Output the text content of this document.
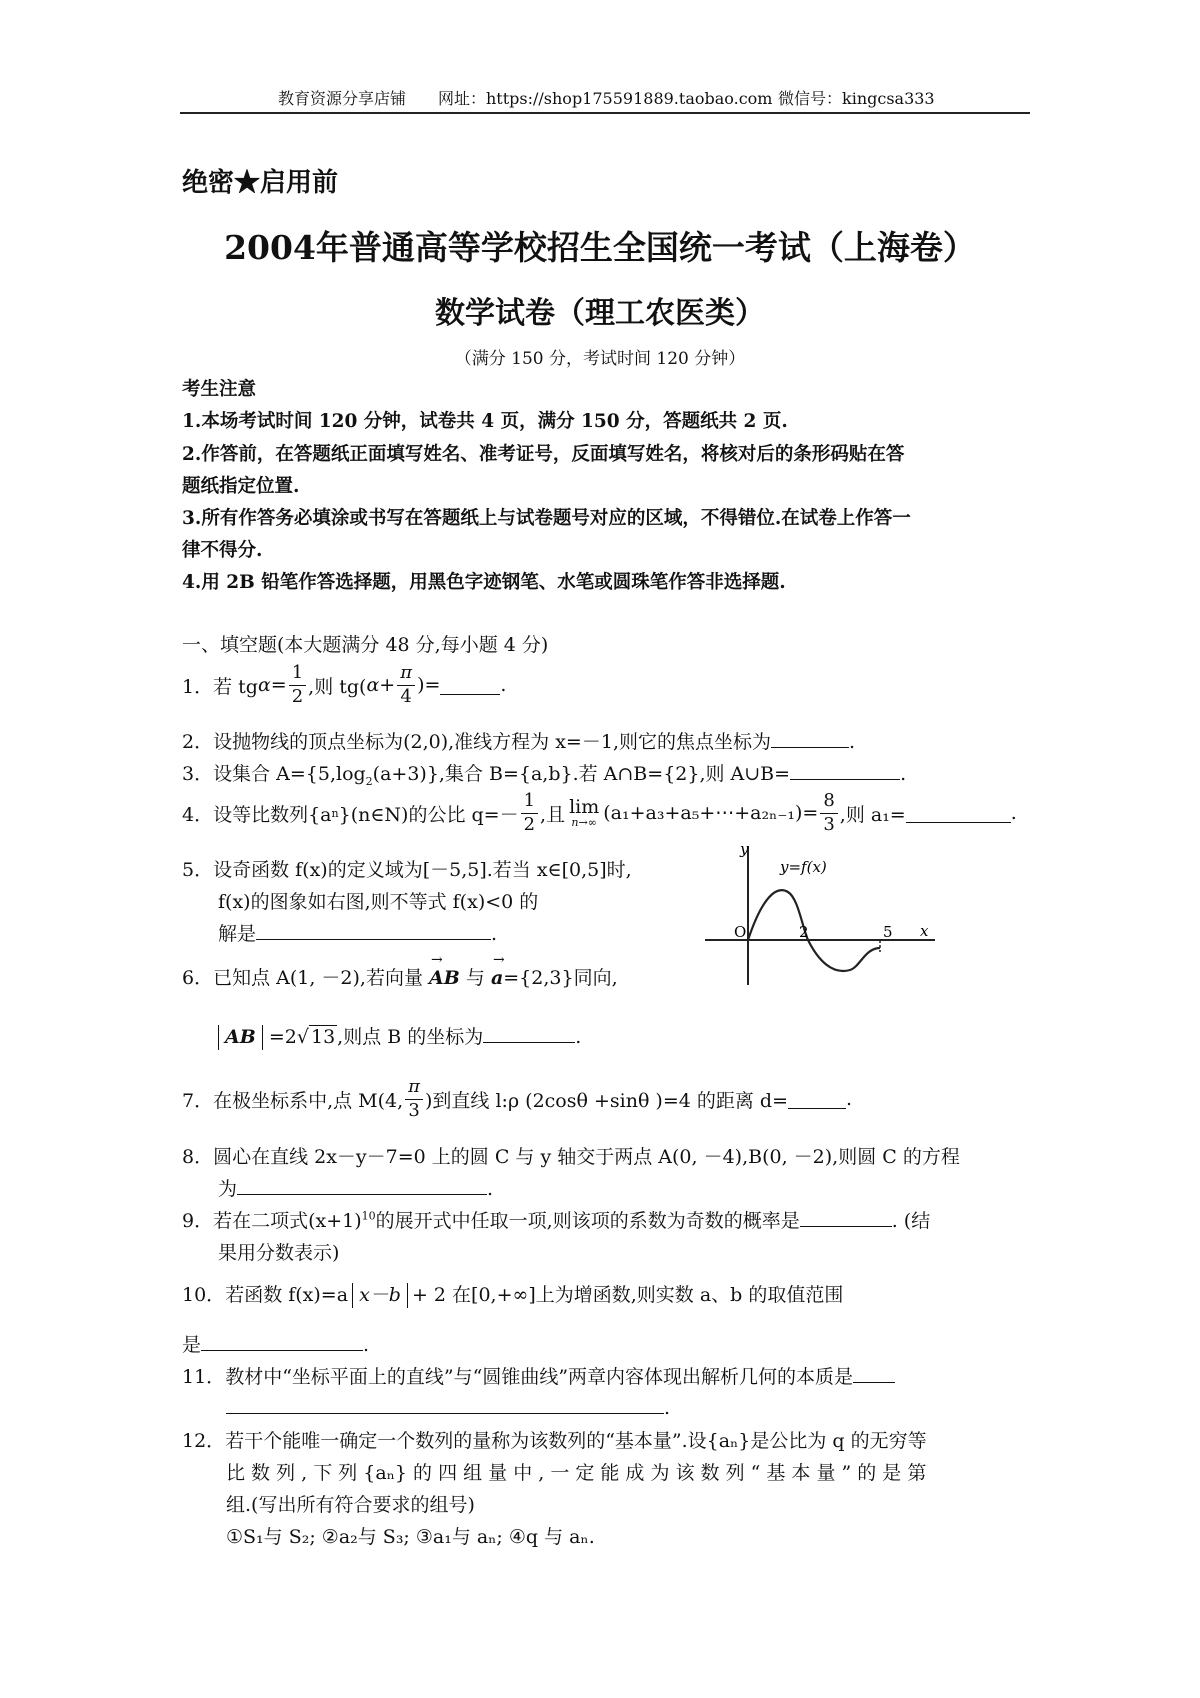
教育资源分享店铺 网址：https://shop175591889.taobao.com 微信号：kingcsa333
绝密★启用前
2004年普通高等学校招生全国统一考试（上海卷）
数学试卷（理工农医类）
（满分 150 分，考试时间 120 分钟）
考生注意
1.本场考试时间 120 分钟，试卷共 4 页，满分 150 分，答题纸共 2 页.
2.作答前，在答题纸正面填写姓名、准考证号，反面填写姓名，将核对后的条形码贴在答
题纸指定位置.
3.所有作答务必填涂或书写在答题纸上与试卷题号对应的区域，不得错位.在试卷上作答一
律不得分.
4.用 2B 铅笔作答选择题，用黑色字迹钢笔、水笔或圆珠笔作答非选择题.
一、填空题(本大题满分 48 分,每小题 4 分)
1． 若 tg $\alpha = \frac{1}{2}$ ,则 tg( $\alpha + \frac{\pi}{4}$ )=	.
2．设抛物线的顶点坐标为(2,0),准线方程为 x=－1,则它的焦点坐标为	.
3．设集合 $A=\{5,\log_2(a+3)\}$,集合 B={a,b}.若 A∩B={2},则 A∪B=	.
4． 设等比数列{a n }(n∈N)的公比 $q=- \frac{1}{2}$ ,且 lim
n→∞ (a₁+a₃+a₅+⋯+a₂ₙ₋₁)= $\frac{8}{3}$ ,则 a₁=	.
5．设奇函数 f(x)的定义域为[－5,5].若当 x∈[0,5]时,
f(x)的图象如右图,则不等式 f(x)<0 的
解是	.
y
x
y=f(x)
O	2	5
6．已知点 A(1, －2),若向量 → AB 与 → a={2,3}同向,
AB =2√ 13 ,则点 B 的坐标为	.
7． 在极坐标系中,点 M(4, $\frac{\pi}{3}$ )到直线 l:ρ (2cosθ +sinθ )=4 的距离 d=	.
8．圆心在直线 2x－y－7=0 上的圆 C 与 y 轴交于两点 A(0, －4),B(0, －2),则圆 C 的方程
为	.
9．若在二项式$(x+1)^{10}$的展开式中任取一项,则该项的系数为奇数的概率是	. (结
果用分数表示)
10．若函数 f(x)=a x－b + 2 在[0,+∞]上为增函数,则实数 a、b 的取值范围
是	.
11．教材中“坐标平面上的直线”与“圆锥曲线”两章内容体现出解析几何的本质是
.
12．若干个能唯一确定一个数列的量称为该数列的“基本量”.设{aₙ}是公比为 q 的无穷等
比 数 列 , 下 列 {aₙ} 的 四 组 量 中 , 一 定 能 成 为 该 数 列 “ 基 本 量 ” 的 是 第
组.(写出所有符合要求的组号)
①S₁与 S₂; ②a₂与 S₃; ③a₁与 aₙ; ④q 与 aₙ.
